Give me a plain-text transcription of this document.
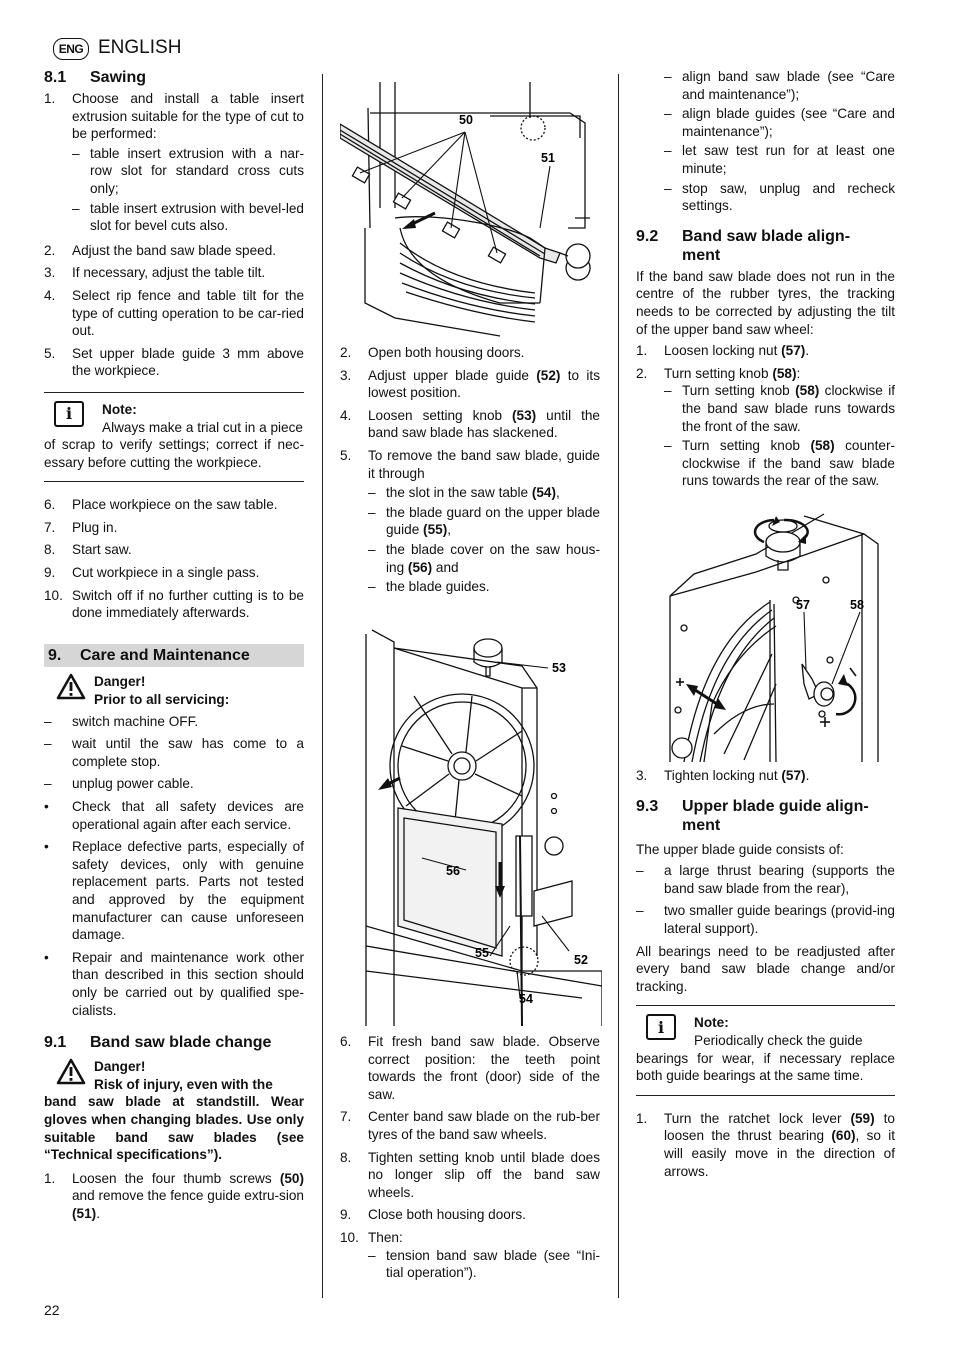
ENG ENGLISH
8.1	Sawing
1.	Choose and install a table insert extrusion suitable for the type of cut to be performed:
– table insert extrusion with a nar-row slot for standard cross cuts only;
– table insert extrusion with bevel-led slot for bevel cuts also.
2.	Adjust the band saw blade speed.
3.	If necessary, adjust the table tilt.
4.	Select rip fence and table tilt for the type of cutting operation to be car-ried out.
5.	Set upper blade guide 3 mm above the workpiece.
i	Note:
Always make a trial cut in a piece
of scrap to verify settings; correct if nec-essary before cutting the workpiece.
6.	Place workpiece on the saw table.
7.	Plug in.
8.	Start saw.
9.	Cut workpiece in a single pass.
10. Switch off if no further cutting is to be done immediately afterwards.
9.	Care and Maintenance
Danger!
Prior to all servicing:
–	switch machine OFF.
–	wait until the saw has come to a complete stop.
–	unplug power cable.
•	Check that all safety devices are operational again after each service.
•	Replace defective parts, especially of safety devices, only with genuine replacement parts. Parts not tested and approved by the equipment manufacturer can cause unforeseen damage.
•	Repair and maintenance work other than described in this section should only be carried out by qualified spe-cialists.
9.1	Band saw blade change
Danger!
Risk of injury, even with the
band saw blade at standstill. Wear gloves when changing blades. Use only suitable band saw blades (see “Technical specifications”).
1.	Loosen the four thumb screws (50) and remove the fence guide extru-sion (51).
22
50
51
2.	Open both housing doors.
3.	Adjust upper blade guide (52) to its lowest position.
4.	Loosen setting knob (53) until the band saw blade has slackened.
5.	To remove the band saw blade, guide it through
– the slot in the saw table (54),
– the blade guard on the upper blade guide (55),
– the blade cover on the saw hous-ing (56) and
– the blade guides.
53
56
55	52
54
6.	Fit fresh band saw blade. Observe correct position: the teeth point towards the front (door) side of the saw.
7.	Center band saw blade on the rub-ber tyres of the band saw wheels.
8.	Tighten setting knob until blade does no longer slip off the band saw wheels.
9.	Close both housing doors.
10. Then:
– tension band saw blade (see “Ini-tial operation”).
– align band saw blade (see “Care and maintenance”);
– align blade guides (see “Care and maintenance”);
– let saw test run for at least one minute;
– stop saw, unplug and recheck settings.
9.2	Band saw blade align-ment
If the band saw blade does not run in the centre of the rubber tyres, the tracking needs to be corrected by adjusting the tilt of the upper band saw wheel:
1.	Loosen locking nut (57).
2.	Turn setting knob (58):
– Turn setting knob (58) clockwise if the band saw blade runs towards the front of the saw.
– Turn setting knob (58) counter-clockwise if the band saw blade runs towards the rear of the saw.
57	58
3.	Tighten locking nut (57).
9.3	Upper blade guide align-ment
The upper blade guide consists of:
–	a large thrust bearing (supports the band saw blade from the rear),
–	two smaller guide bearings (provid-ing lateral support).
All bearings need to be readjusted after every band saw blade change and/or tracking.
i	Note:
Periodically check the guide
bearings for wear, if necessary replace both guide bearings at the same time.
1.	Turn the ratchet lock lever (59) to loosen the thrust bearing (60), so it will easily move in the direction of arrows.
